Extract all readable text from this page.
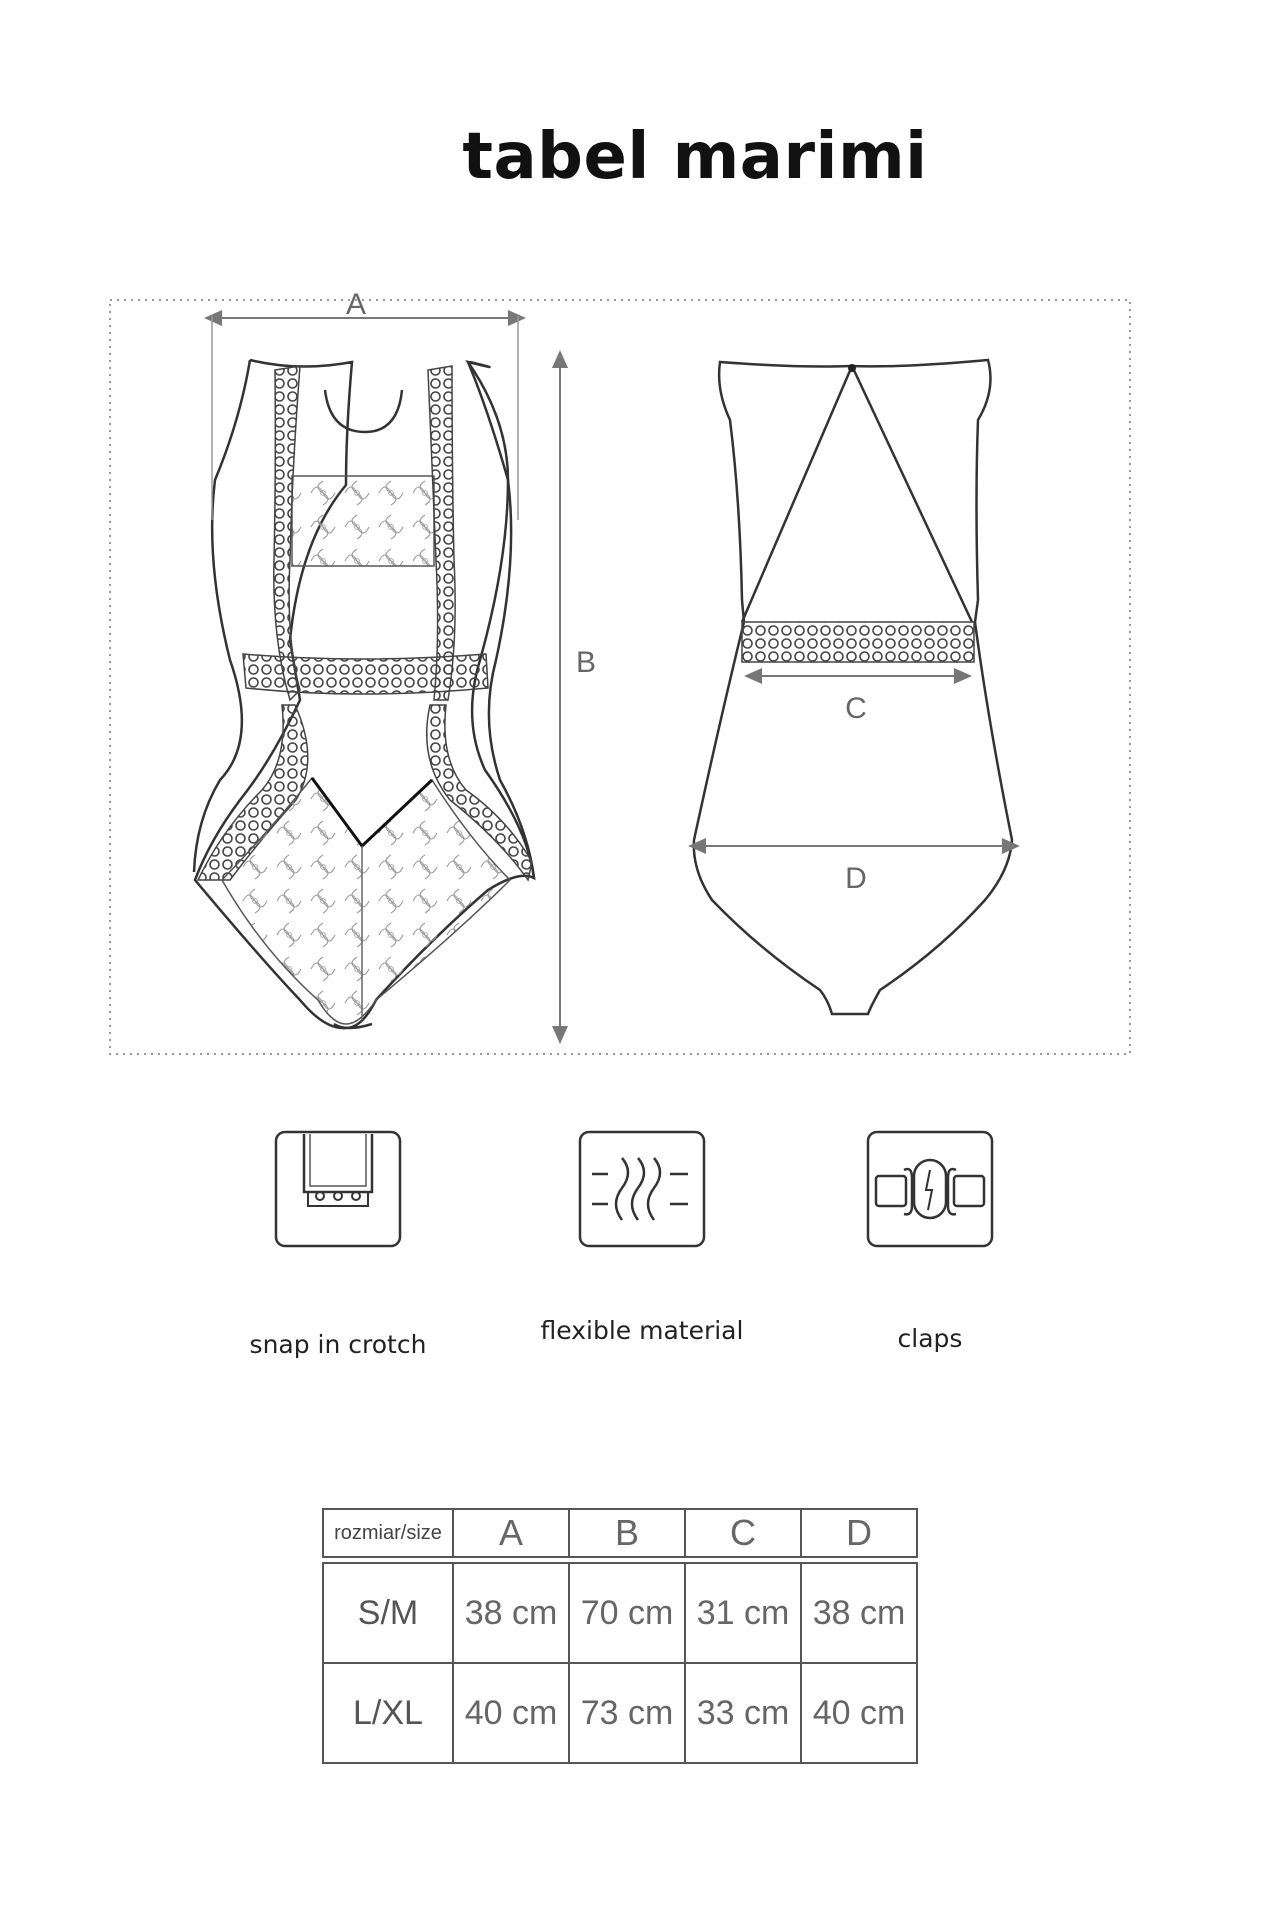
tabel marimi
A
B
C
D
snap in crotch	flexible material	claps
rozmiar/size	A	B	C	D

S/M	38 cm	70 cm	31 cm	38 cm
L/XL	40 cm	73 cm	33 cm	40 cm
